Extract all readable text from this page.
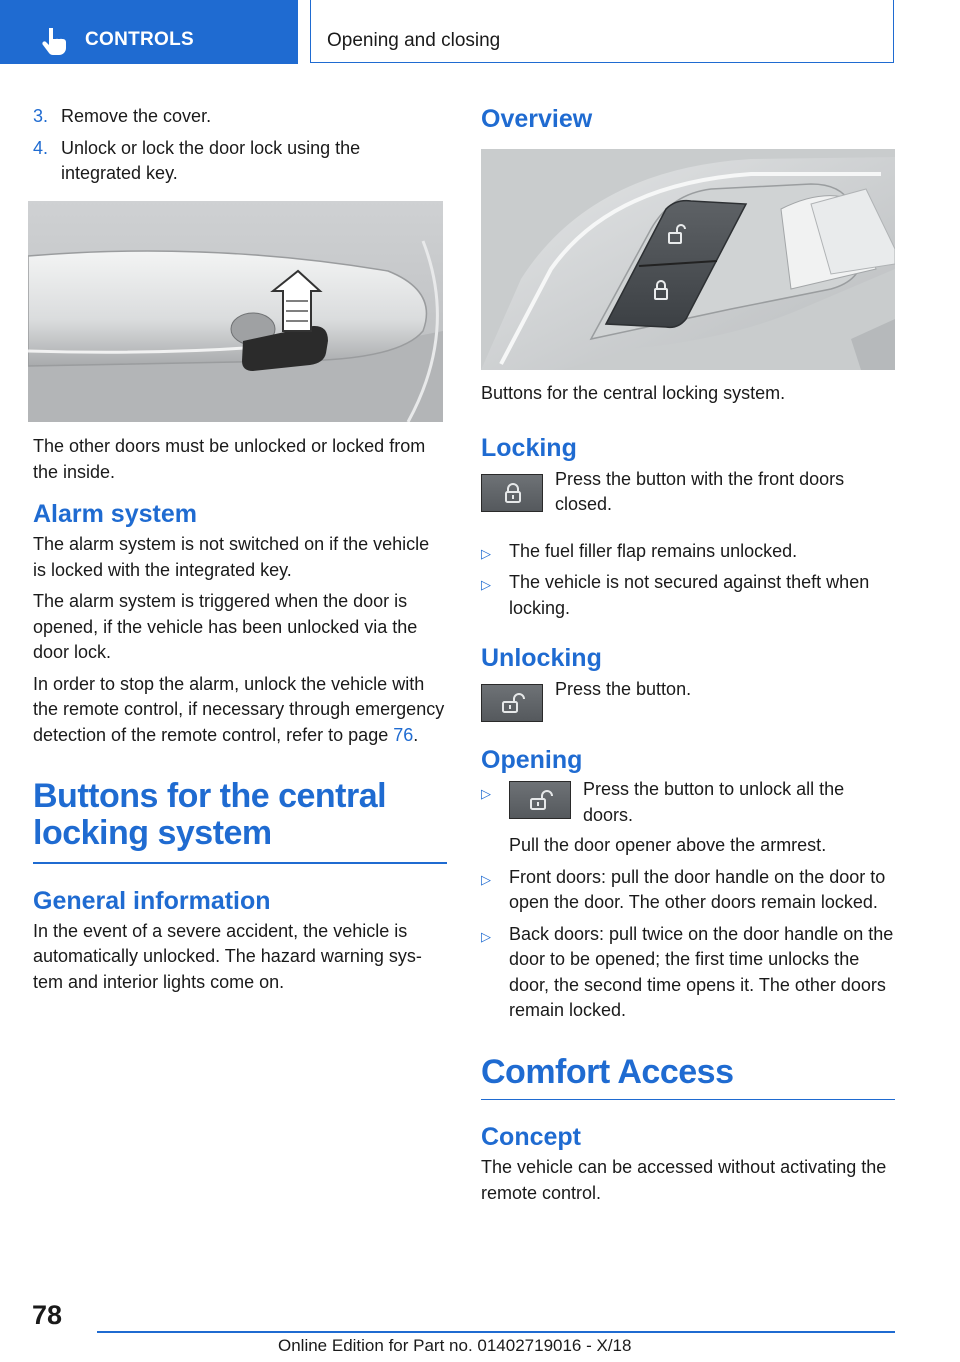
CONTROLS	Opening and closing
3. Remove the cover.

4. Unlock or lock the door lock using the integrated key.

The other doors must be unlocked or locked from the inside.

Alarm system

The alarm system is not switched on if the vehicle is locked with the integrated key.

The alarm system is triggered when the door is opened, if the vehicle has been unlocked via the door lock.

In order to stop the alarm, unlock the vehicle with the remote control, if necessary through emergency detection of the remote control, refer to page 76.

Buttons for the central locking system
General information

In the event of a severe accident, the vehicle is automatically unlocked. The hazard warning system and interior lights come on.

Overview

Buttons for the central locking system.

Locking

Press the button with the front doors closed.

▷ The fuel filler flap remains unlocked.

▷ The vehicle is not secured against theft when locking.

Unlocking

Press the button.

Opening
▷	Press the button to unlock all the doors.

Pull the door opener above the armrest.

▷ Front doors: pull the door handle on the door to open the door. The other doors remain locked.

▷ Back doors: pull twice on the door handle on the door to be opened; the first time unlocks the door, the second time opens it. The other doors remain locked.

Comfort Access
Concept

The vehicle can be accessed without activating the remote control.

78
Online Edition for Part no. 01402719016 - X/18
